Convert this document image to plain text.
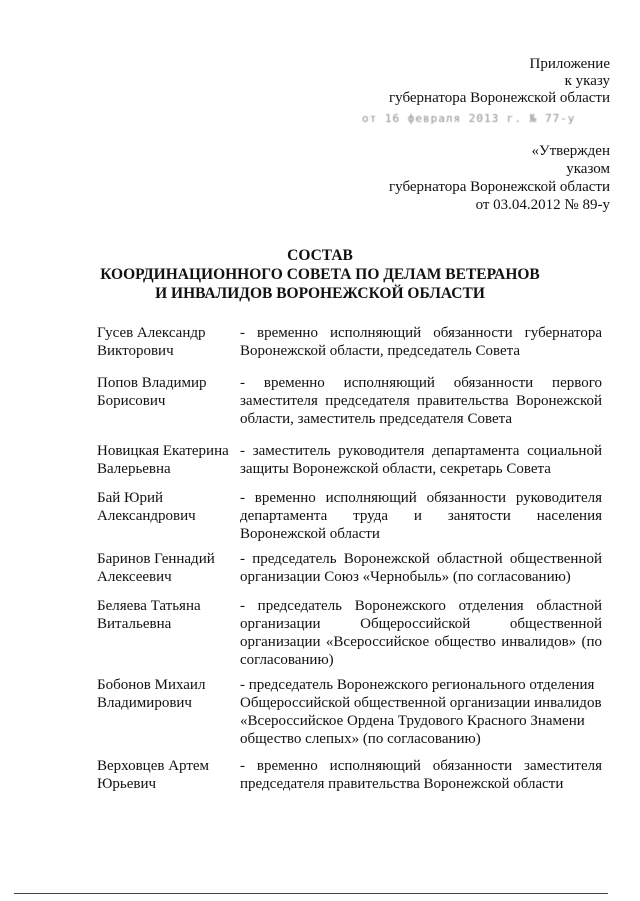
Приложение
к указу
губернатора Воронежской области
от 16 февраля 2013 г. № 77-у
«Утвержден
указом
губернатора Воронежской области
от 03.04.2012 № 89-у
СОСТАВ
КООРДИНАЦИОННОГО СОВЕТА ПО ДЕЛАМ ВЕТЕРАНОВ
И ИНВАЛИДОВ ВОРОНЕЖСКОЙ ОБЛАСТИ
Гусев Александр
Викторович
- временно исполняющий обязанности губернатора Воронежской области, председатель Совета
Попов Владимир
Борисович
- временно исполняющий обязанности первого заместителя председателя правительства Воронежской области, заместитель председателя Совета
Новицкая Екатерина
Валерьевна
- заместитель руководителя департамента социальной защиты Воронежской области, секретарь Совета
Бай Юрий
Александрович
- временно исполняющий обязанности руководителя департамента труда и занятости населения Воронежской области
Баринов Геннадий
Алексеевич
- председатель Воронежской областной общественной организации Союз «Чернобыль» (по согласованию)
Беляева Татьяна
Витальевна
- председатель Воронежского отделения областной организации Общероссийской общественной организации «Всероссийское общество инвалидов» (по согласованию)
Бобонов Михаил
Владимирович
- председатель Воронежского регионального отделения Общероссийской общественной организации инвалидов «Всероссийское Ордена Трудового Красного Знамени общество слепых» (по согласованию)
Верховцев Артем
Юрьевич
- временно исполняющий обязанности заместителя председателя правительства Воронежской области
